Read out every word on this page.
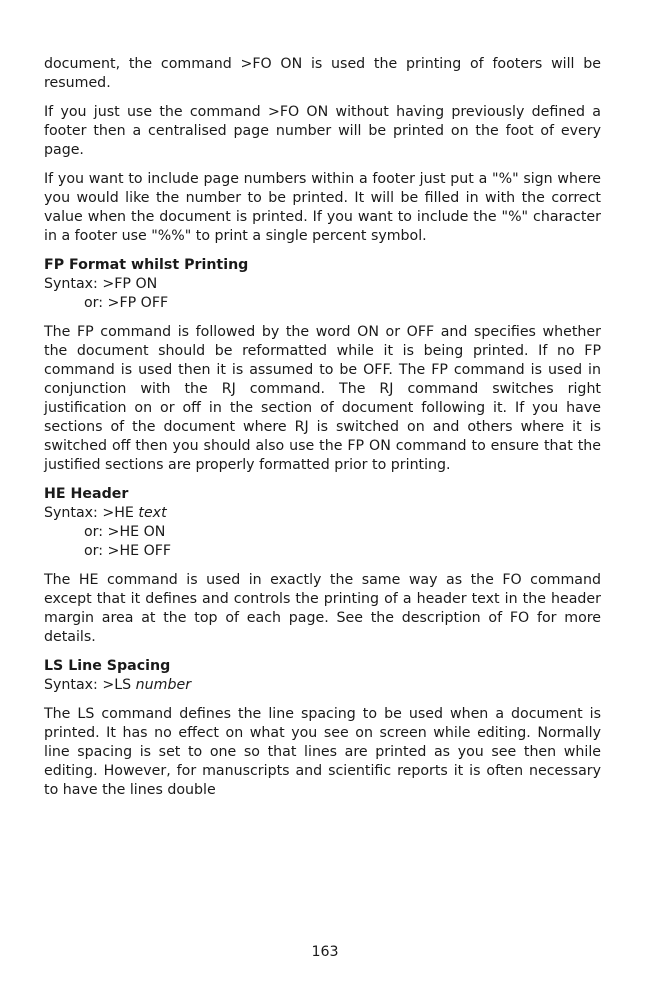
document, the command >FO ON is used the printing of footers will be resumed.

If you just use the command >FO ON without having previously defined a footer then a centralised page number will be printed on the foot of every page.

If you want to include page numbers within a footer just put a "%" sign where you would like the number to be printed. It will be filled in with the correct value when the document is printed. If you want to include the "%" character in a footer use "%%" to print a single percent symbol.

FP Format whilst Printing
Syntax: >FP ON
or: >FP OFF

The FP command is followed by the word ON or OFF and specifies whether the document should be reformatted while it is being printed. If no FP command is used then it is assumed to be OFF. The FP command is used in conjunction with the RJ command. The RJ command switches right justification on or off in the section of document following it. If you have sections of the document where RJ is switched on and others where it is switched off then you should also use the FP ON command to ensure that the justified sections are properly formatted prior to printing.

HE Header
Syntax: >HE text
or: >HE ON
or: >HE OFF

The HE command is used in exactly the same way as the FO command except that it defines and controls the printing of a header text in the header margin area at the top of each page. See the description of FO for more details.

LS Line Spacing
Syntax: >LS number

The LS command defines the line spacing to be used when a document is printed. It has no effect on what you see on screen while editing. Normally line spacing is set to one so that lines are printed as you see then while editing. However, for manuscripts and scientific reports it is often necessary to have the lines double

163
